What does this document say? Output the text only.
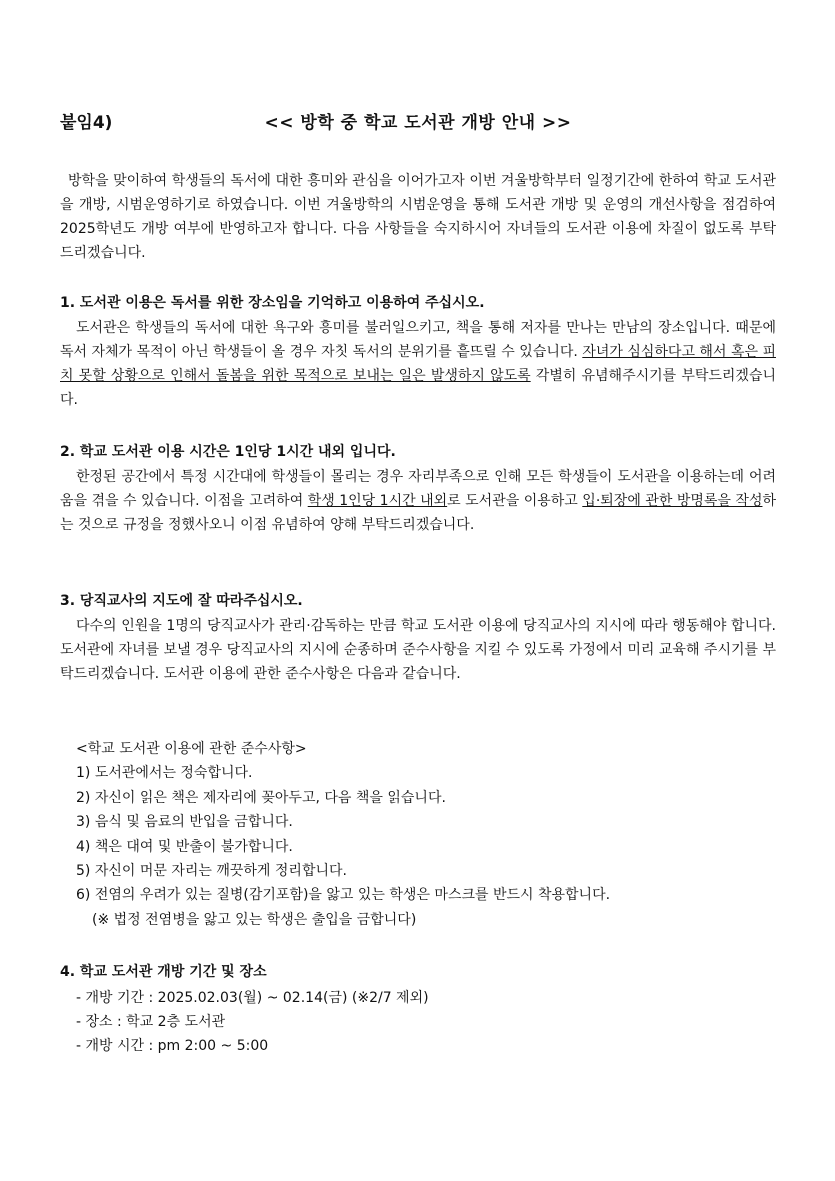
붙임4)	<< 방학 중 학교 도서관 개방 안내 >>

방학을 맞이하여 학생들의 독서에 대한 흥미와 관심을 이어가고자 이번 겨울방학부터 일정기간에 한하여 학교 도서관을 개방, 시범운영하기로 하였습니다. 이번 겨울방학의 시범운영을 통해 도서관 개방 및 운영의 개선사항을 점검하여 2025학년도 개방 여부에 반영하고자 합니다. 다음 사항들을 숙지하시어 자녀들의 도서관 이용에 차질이 없도록 부탁드리겠습니다.

1. 도서관 이용은 독서를 위한 장소임을 기억하고 이용하여 주십시오.

도서관은 학생들의 독서에 대한 욕구와 흥미를 불러일으키고, 책을 통해 저자를 만나는 만남의 장소입니다. 때문에 독서 자체가 목적이 아닌 학생들이 올 경우 자칫 독서의 분위기를 흩뜨릴 수 있습니다. 자녀가 심심하다고 해서 혹은 피치 못할 상황으로 인해서 돌봄을 위한 목적으로 보내는 일은 발생하지 않도록 각별히 유념해주시기를 부탁드리겠습니다.

2. 학교 도서관 이용 시간은 1인당 1시간 내외 입니다.

한정된 공간에서 특정 시간대에 학생들이 몰리는 경우 자리부족으로 인해 모든 학생들이 도서관을 이용하는데 어려움을 겪을 수 있습니다. 이점을 고려하여 학생 1인당 1시간 내외로 도서관을 이용하고 입·퇴장에 관한 방명록을 작성하는 것으로 규정을 정했사오니 이점 유념하여 양해 부탁드리겠습니다.

3. 당직교사의 지도에 잘 따라주십시오.

다수의 인원을 1명의 당직교사가 관리·감독하는 만큼 학교 도서관 이용에 당직교사의 지시에 따라 행동해야 합니다. 도서관에 자녀를 보낼 경우 당직교사의 지시에 순종하며 준수사항을 지킬 수 있도록 가정에서 미리 교육해 주시기를 부탁드리겠습니다. 도서관 이용에 관한 준수사항은 다음과 같습니다.

<학교 도서관 이용에 관한 준수사항>
1) 도서관에서는 정숙합니다.
2) 자신이 읽은 책은 제자리에 꽂아두고, 다음 책을 읽습니다.
3) 음식 및 음료의 반입을 금합니다.
4) 책은 대여 및 반출이 불가합니다.
5) 자신이 머문 자리는 깨끗하게 정리합니다.
6) 전염의 우려가 있는 질병(감기포함)을 앓고 있는 학생은 마스크를 반드시 착용합니다.
(※ 법정 전염병을 앓고 있는 학생은 출입을 금합니다)
4. 학교 도서관 개방 기간 및 장소
- 개방 기간 : 2025.02.03(월) ~ 02.14(금) (※2/7 제외)
- 장소 : 학교 2층 도서관
- 개방 시간 : pm 2:00 ~ 5:00
